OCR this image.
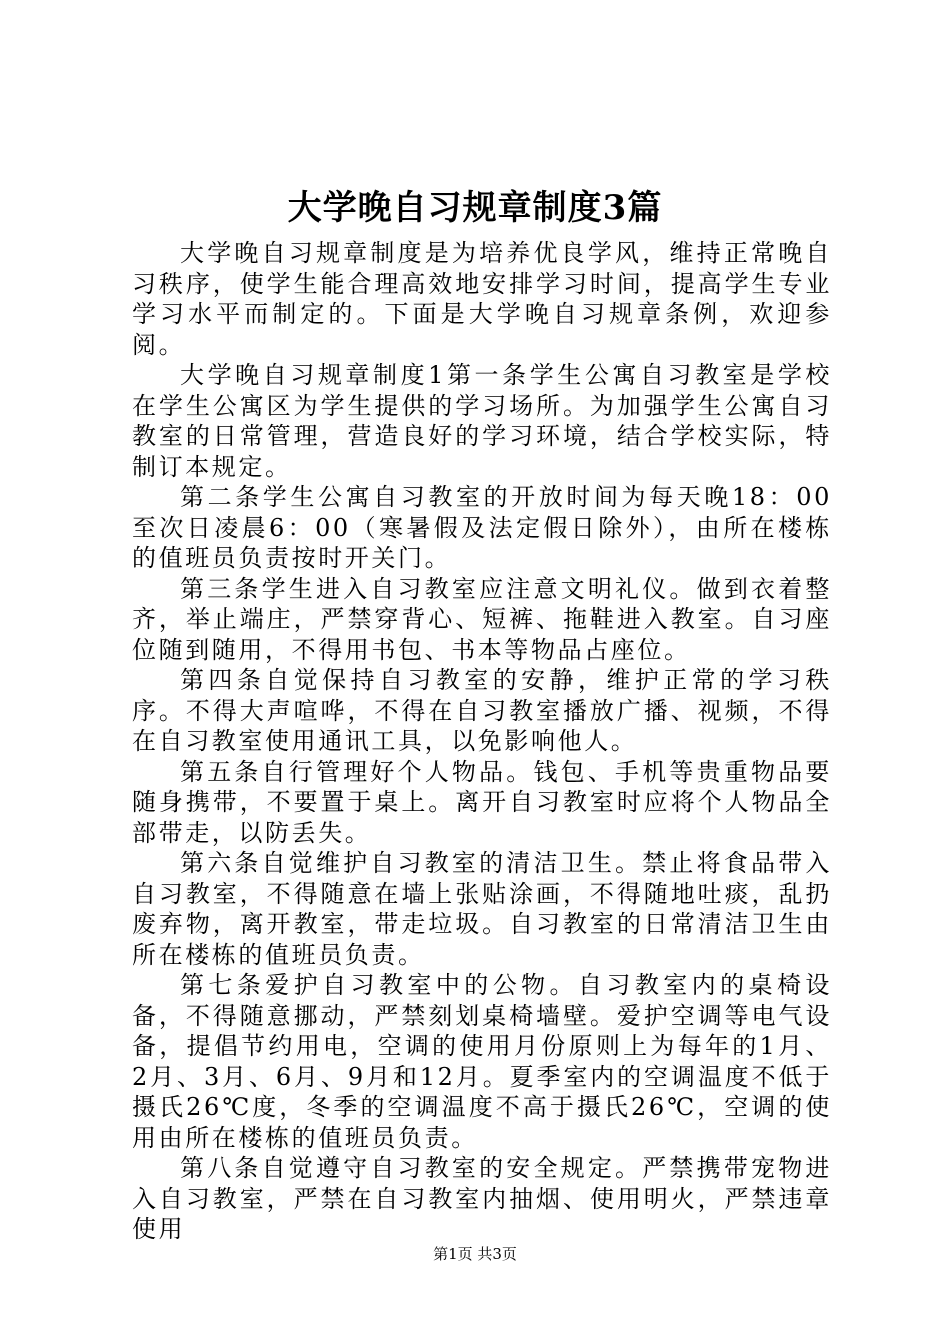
大学晚自习规章制度3篇

大学晚自习规章制度是为培养优良学风，维持正常晚自习秩序，使学生能合理高效地安排学习时间，提高学生专业学习水平而制定的。下面是大学晚自习规章条例，欢迎参阅。

大学晚自习规章制度1第一条学生公寓自习教室是学校在学生公寓区为学生提供的学习场所。为加强学生公寓自习教室的日常管理，营造良好的学习环境，结合学校实际，特制订本规定。

第二条学生公寓自习教室的开放时间为每天晚18：00至次日凌晨6：00（寒暑假及法定假日除外），由所在楼栋的值班员负责按时开关门。

第三条学生进入自习教室应注意文明礼仪。做到衣着整齐，举止端庄，严禁穿背心、短裤、拖鞋进入教室。自习座位随到随用，不得用书包、书本等物品占座位。

第四条自觉保持自习教室的安静，维护正常的学习秩序。不得大声喧哗，不得在自习教室播放广播、视频，不得在自习教室使用通讯工具，以免影响他人。

第五条自行管理好个人物品。钱包、手机等贵重物品要随身携带，不要置于桌上。离开自习教室时应将个人物品全部带走，以防丢失。

第六条自觉维护自习教室的清洁卫生。禁止将食品带入自习教室，不得随意在墙上张贴涂画，不得随地吐痰，乱扔废弃物，离开教室，带走垃圾。自习教室的日常清洁卫生由所在楼栋的值班员负责。

第七条爱护自习教室中的公物。自习教室内的桌椅设备，不得随意挪动，严禁刻划桌椅墙壁。爱护空调等电气设备，提倡节约用电，空调的使用月份原则上为每年的1月、2月、3月、6月、9月和12月。夏季室内的空调温度不低于摄氏26℃度，冬季的空调温度不高于摄氏26℃，空调的使用由所在楼栋的值班员负责。

第八条自觉遵守自习教室的安全规定。严禁携带宠物进入自习教室，严禁在自习教室内抽烟、使用明火，严禁违章使用

第1页 共3页
